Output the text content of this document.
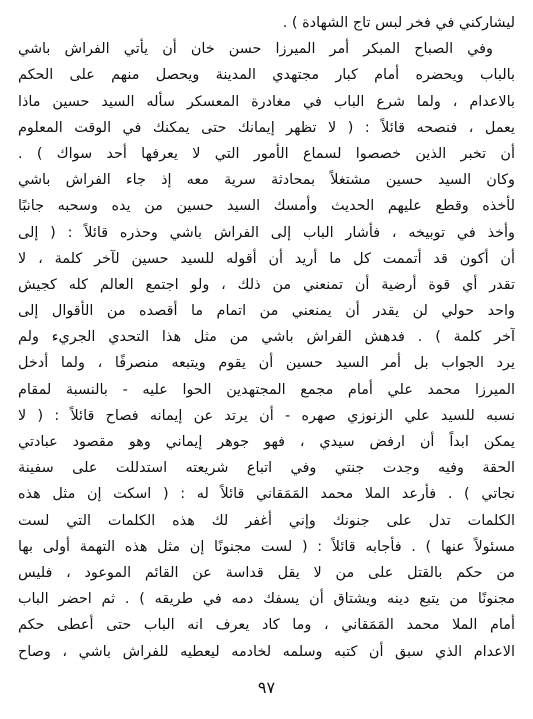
ليشاركني في فخر لبس تاج الشهادة ) .
وفي الصباح المبكر أمر الميرزا حسن خان أن يأتي الفراش باشي
بالباب ويحضره أمام كبار مجتهدي المدينة ويحصل منهم على الحكم
بالاعدام ، ولما شرع الباب في مغادرة المعسكر سأله السيد حسين ماذا
يعمل ، فنصحه قائلاً : ( لا تظهر إيمانك حتى يمكنك في الوقت المعلوم
أن تخبر الذين خصصوا لسماع الأمور التي لا يعرفها أحد سواك ) .
وكان السيد حسين مشتغلاً بمحادثة سرية معه إذ جاء الفراش باشي
لأخذه وقطع عليهم الحديث وأمسك السيد حسين من يده وسحبه جانبًا
وأخذ في توبيخه ، فأشار الباب إلى الفراش باشي وحذره قائلاً : ( إلى
أن أكون قد أتممت كل ما أريد أن أقوله للسيد حسين لآخر كلمة ، لا
تقدر أي قوة أرضية أن تمنعني من ذلك ، ولو اجتمع العالم كله كجيش
واحد حولي لن يقدر أن يمنعني من اتمام ما أقصده من الأقوال إلى
آخر كلمة ) . فدهش الفراش باشي من مثل هذا التحدي الجريء ولم
يرد الجواب بل أمر السيد حسين أن يقوم ويتبعه منصرفًا ، ولما أدخل
الميرزا محمد علي أمام مجمع المجتهدين الحوا عليه - بالنسبة لمقام
نسبه للسيد علي الزنوزي صهره - أن يرتد عن إيمانه فصاح قائلاً : ( لا
يمكن ابداً أن ارفض سيدي ، فهو جوهر إيماني وهو مقصود عبادتي
الحقة وفيه وجدت جنتي وفي اتباع شريعته استدللت على سفينة
نجاتي ) . فأرعد الملا محمد المَمَقاني قائلاً له : ( اسكت إن مثل هذه
الكلمات تدل على جنونك وإني أغفر لك هذه الكلمات التي لست
مسئولاً عنها ) . فأجابه قائلاً : ( لست مجنونًا إن مثل هذه التهمة أولى بها
من حكم بالقتل على من لا يقل قداسة عن القائم الموعود ، فليس
مجنونًا من يتبع دينه ويشتاق أن يسفك دمه في طريقه ) . ثم احضر الباب
أمام الملا محمد المَمَقاني ، وما كاد يعرف انه الباب حتى أعطى حكم
الاعدام الذي سبق أن كتبه وسلمه لخادمه ليعطيه للفراش باشي ، وصاح
٩٧
